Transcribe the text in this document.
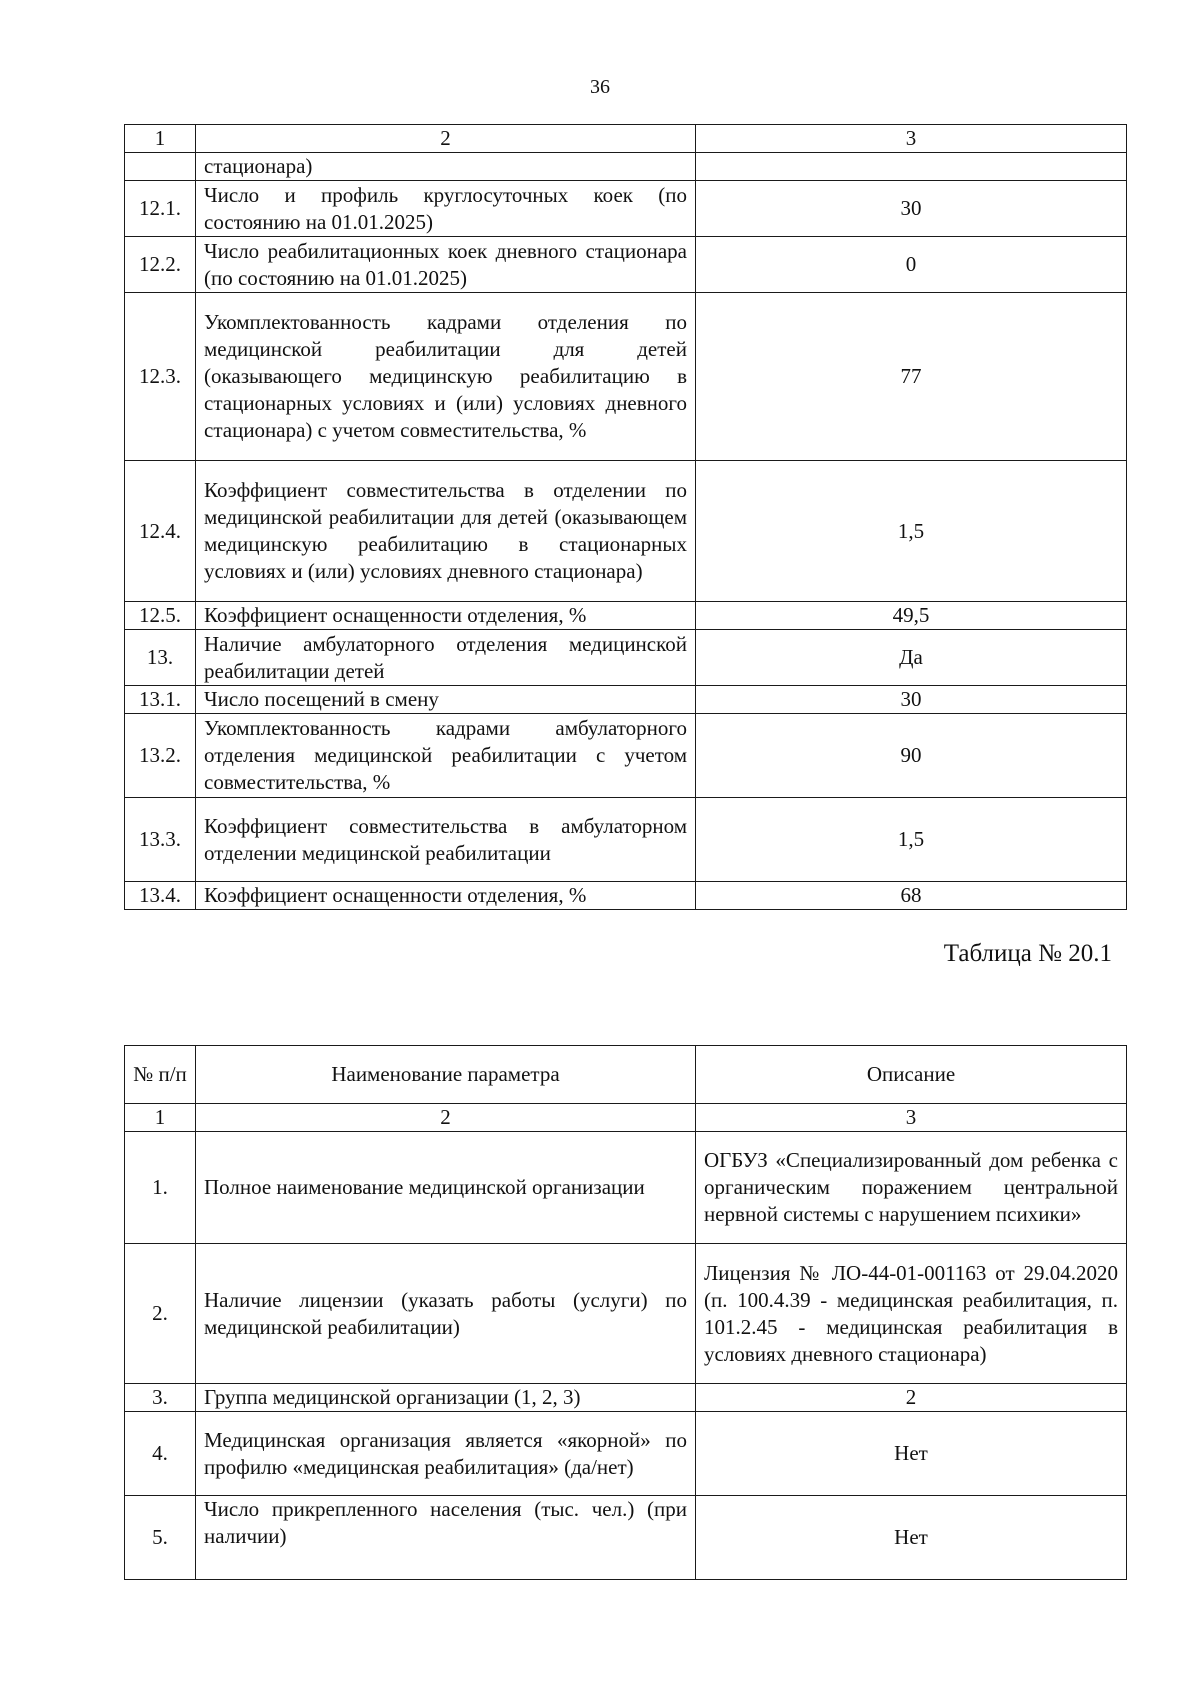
36
1	2	3
	стационара)	
12.1.	Число и профиль круглосуточных коек (по состоянию на 01.01.2025)	30
12.2.	Число реабилитационных коек дневного стационара (по состоянию на 01.01.2025)	0
12.3.	Укомплектованность кадрами отделения по медицинской реабилитации для детей (оказывающего медицинскую реабилитацию в стационарных условиях и (или) условиях дневного стационара) с учетом совместительства, %	77
12.4.	Коэффициент совместительства в отделении по медицинской реабилитации для детей (оказывающем медицинскую реабилитацию в стационарных условиях и (или) условиях дневного стационара)	1,5
12.5.	Коэффициент оснащенности отделения, %	49,5
13.	Наличие амбулаторного отделения медицинской реабилитации детей	Да
13.1.	Число посещений в смену	30
13.2.	Укомплектованность кадрами амбулаторного отделения медицинской реабилитации с учетом совместительства, %	90
13.3.	Коэффициент совместительства в амбулаторном отделении медицинской реабилитации	1,5
13.4.	Коэффициент оснащенности отделения, %	68
Таблица № 20.1
№ п/п	Наименование параметра	Описание
1	2	3
1.	Полное наименование медицинской организации	ОГБУЗ «Специализированный дом ребенка с органическим поражением центральной нервной системы с нарушением психики»
2.	Наличие лицензии (указать работы (услуги) по медицинской реабилитации)	Лицензия № ЛО-44-01-001163 от 29.04.2020 (п. 100.4.39 - медицинская реабилитация, п. 101.2.45 - медицинская реабилитация в условиях дневного стационара)
3.	Группа медицинской организации (1, 2, 3)	2
4.	Медицинская организация является «якорной» по профилю «медицинская реабилитация» (да/нет)	Нет
5.	Число прикрепленного населения (тыс. чел.) (при наличии)	Нет
